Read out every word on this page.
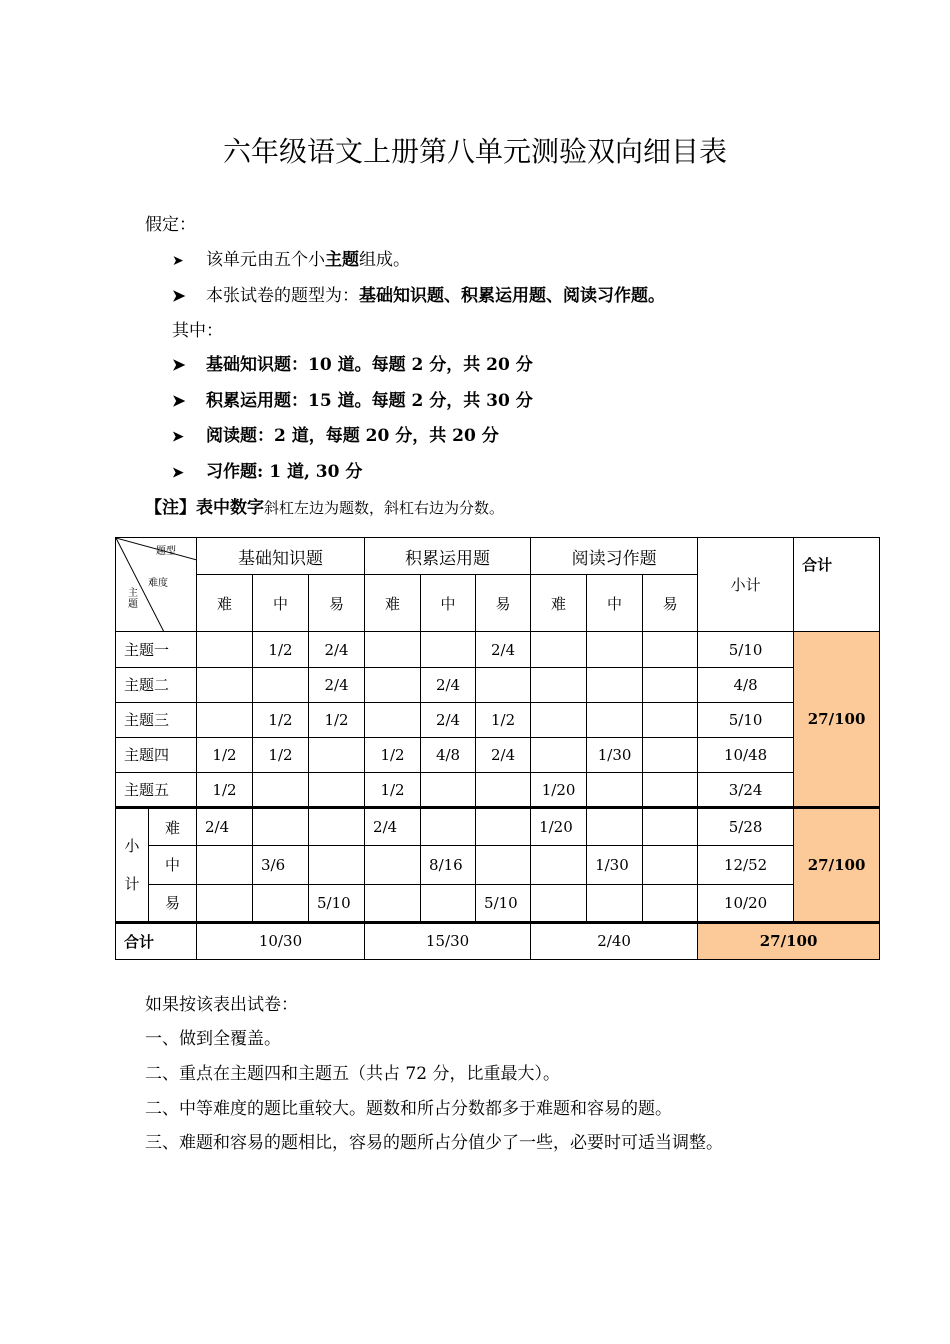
六年级语文上册第八单元测验双向细目表
假定：
➤ 该单元由五个小主题组成。
➤ 本张试卷的题型为：基础知识题、积累运用题、阅读习作题。
其中：
➤ 基础知识题：10 道。每题 2 分，共 20 分
➤ 积累运用题：15 道。每题 2 分，共 30 分
➤ 阅读题：2 道，每题 20 分，共 20 分
➤ 习作题: 1 道, 30 分
【注】表中数字斜杠左边为题数，斜杠右边为分数。
题型
难度
主

题		基础知识题			积累运用题			阅读习作题			小计	合计
		难	中	易	难	中	易	难	中	易		
主题一			1/2	2/4			2/4				5/10	27/100
主题二				2/4		2/4					4/8	
主题三			1/2	1/2		2/4	1/2				5/10	
主题四		1/2	1/2		1/2	4/8	2/4		1/30		10/48	
主题五		1/2			1/2			1/20			3/24	

小
计	难	2/4			2/4			1/20			5/28	27/100
	中		3/6			8/16			1/30		12/52	
	易			5/10			5/10				10/20	
合计		10/30			15/30			2/40			27/100	
如果按该表出试卷：
一、做到全覆盖。
二、重点在主题四和主题五（共占 72 分，比重最大）。
二、中等难度的题比重较大。题数和所占分数都多于难题和容易的题。
三、难题和容易的题相比，容易的题所占分值少了一些，必要时可适当调整。
